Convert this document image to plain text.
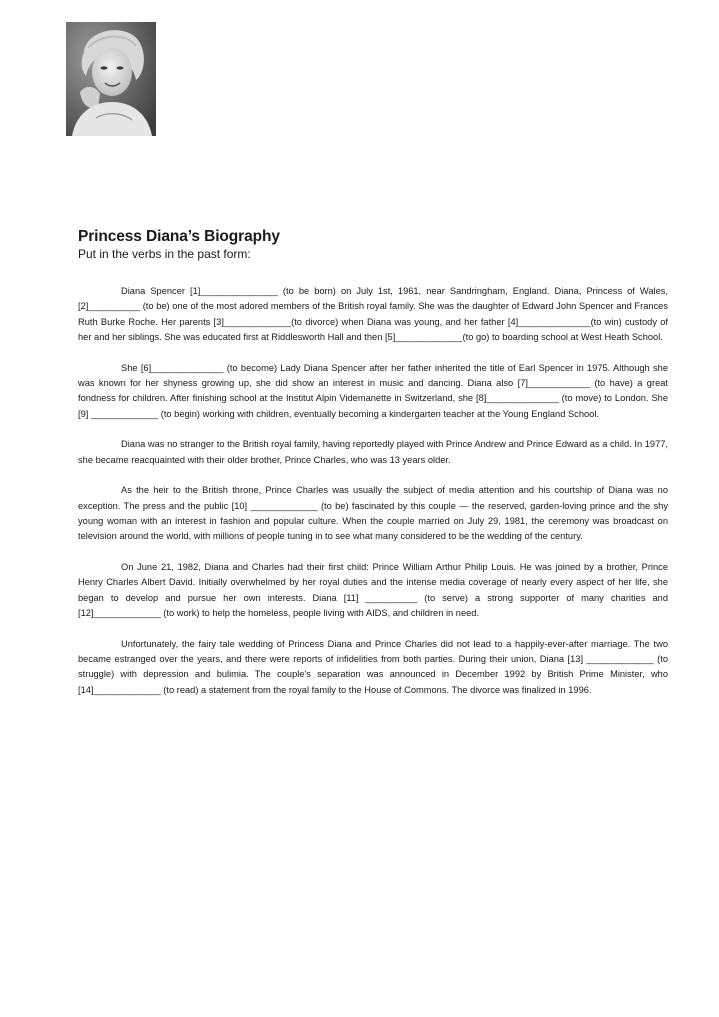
Princess Diana’s Biography
Put in the verbs in the past form:

Diana Spencer [1]_______________ (to be born) on July 1st, 1961, near Sandringham, England. Diana, Princess of Wales, [2]__________ (to be) one of the most adored members of the British royal family. She was the daughter of Edward John Spencer and Frances Ruth Burke Roche. Her parents [3]_____________(to divorce) when Diana was young, and her father [4]______________(to win) custody of her and her siblings. She was educated first at Riddlesworth Hall and then [5]_____________(to go) to boarding school at West Heath School.

She [6]______________ (to become) Lady Diana Spencer after her father inherited the title of Earl Spencer in 1975. Although she was known for her shyness growing up, she did show an interest in music and dancing. Diana also [7]____________ (to have) a great fondness for children. After finishing school at the Institut Alpin Videmanette in Switzerland, she [8]______________ (to move) to London. She [9] _____________ (to begin) working with children, eventually becoming a kindergarten teacher at the Young England School.

Diana was no stranger to the British royal family, having reportedly played with Prince Andrew and Prince Edward as a child. In 1977, she became reacquainted with their older brother, Prince Charles, who was 13 years older.

As the heir to the British throne, Prince Charles was usually the subject of media attention and his courtship of Diana was no exception. The press and the public [10] _____________ (to be) fascinated by this couple — the reserved, garden-loving prince and the shy young woman with an interest in fashion and popular culture. When the couple married on July 29, 1981, the ceremony was broadcast on television around the world, with millions of people tuning in to see what many considered to be the wedding of the century.

On June 21, 1982, Diana and Charles had their first child: Prince William Arthur Philip Louis. He was joined by a brother, Prince Henry Charles Albert David. Initially overwhelmed by her royal duties and the intense media coverage of nearly every aspect of her life, she began to develop and pursue her own interests. Diana [11] __________ (to serve) a strong supporter of many charities and [12]_____________ (to work) to help the homeless, people living with AIDS, and children in need.

Unfortunately, the fairy tale wedding of Princess Diana and Prince Charles did not lead to a happily-ever-after marriage. The two became estranged over the years, and there were reports of infidelities from both parties. During their union, Diana [13] _____________ (to struggle) with depression and bulimia. The couple's separation was announced in December 1992 by British Prime Minister, who [14]_____________ (to read) a statement from the royal family to the House of Commons. The divorce was finalized in 1996.
